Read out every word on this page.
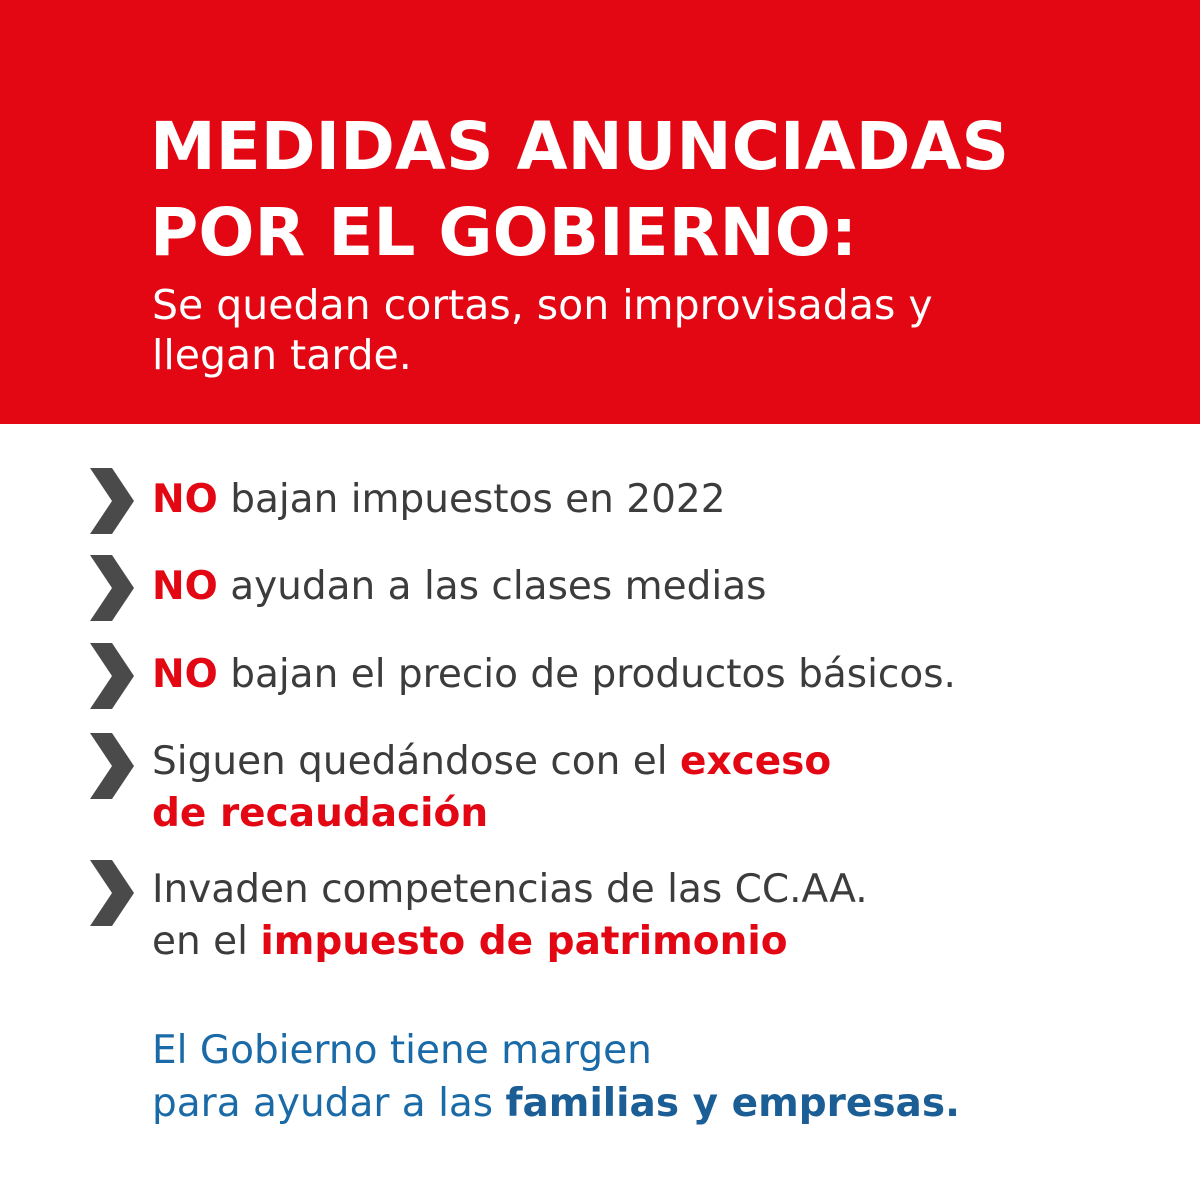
MEDIDAS ANUNCIADAS
POR EL GOBIERNO:
Se quedan cortas, son improvisadas y
llegan tarde.
NO bajan impuestos en 2022
NO ayudan a las clases medias
NO bajan el precio de productos básicos.
Siguen quedándose con el exceso
de recaudación
Invaden competencias de las CC.AA.
en el impuesto de patrimonio
El Gobierno tiene margen
para ayudar a las familias y empresas.
